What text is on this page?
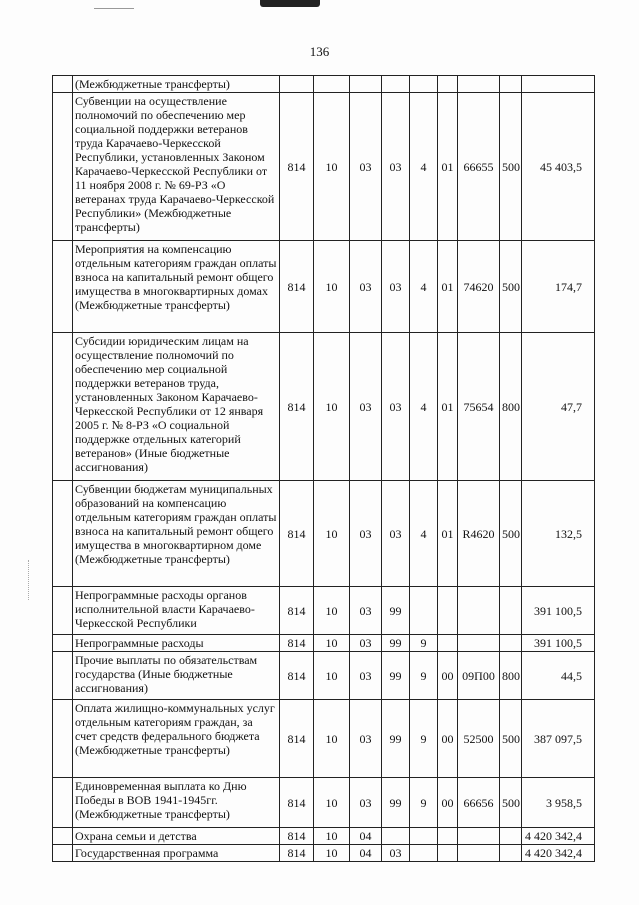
136
	(Межбюджетные трансферты)									
	Субвенции на осуществление полномочий по обеспечению мер социальной поддержки ветеранов труда Карачаево-Черкесской Республики, установленных Законом Карачаево-Черкесской Республики от 11 ноября 2008 г. № 69-РЗ «О ветеранах труда Карачаево-Черкесской Республики» (Межбюджетные трансферты)	814	10	03	03	4	01	66655	500	45 403,5
	Мероприятия на компенсацию отдельным категориям граждан оплаты взноса на капитальный ремонт общего имущества в многоквартирных домах (Межбюджетные трансферты)	814	10	03	03	4	01	74620	500	174,7
	Субсидии юридическим лицам на осуществление полномочий по обеспечению мер социальной поддержки ветеранов труда, установленных Законом Карачаево-Черкесской Республики от 12 января 2005 г. № 8-РЗ «О социальной поддержке отдельных категорий ветеранов» (Иные бюджетные ассигнования)	814	10	03	03	4	01	75654	800	47,7
	Субвенции бюджетам муниципальных образований на компенсацию отдельным категориям граждан оплаты взноса на капитальный ремонт общего имущества в многоквартирном доме (Межбюджетные трансферты)	814	10	03	03	4	01	R4620	500	132,5
	Непрограммные расходы органов исполнительной власти Карачаево-Черкесской Республики	814	10	03	99					391 100,5
	Непрограммные расходы	814	10	03	99	9				391 100,5
	Прочие выплаты по обязательствам государства (Иные бюджетные ассигнования)	814	10	03	99	9	00	09П00	800	44,5
	Оплата жилищно-коммунальных услуг отдельным категориям граждан, за счет средств федерального бюджета (Межбюджетные трансферты)	814	10	03	99	9	00	52500	500	387 097,5
	Единовременная выплата ко Дню Победы в ВОВ 1941-1945гг. (Межбюджетные трансферты)	814	10	03	99	9	00	66656	500	3 958,5
	Охрана семьи и детства	814	10	04						4 420 342,4
	Государственная программа	814	10	04	03					4 420 342,4
